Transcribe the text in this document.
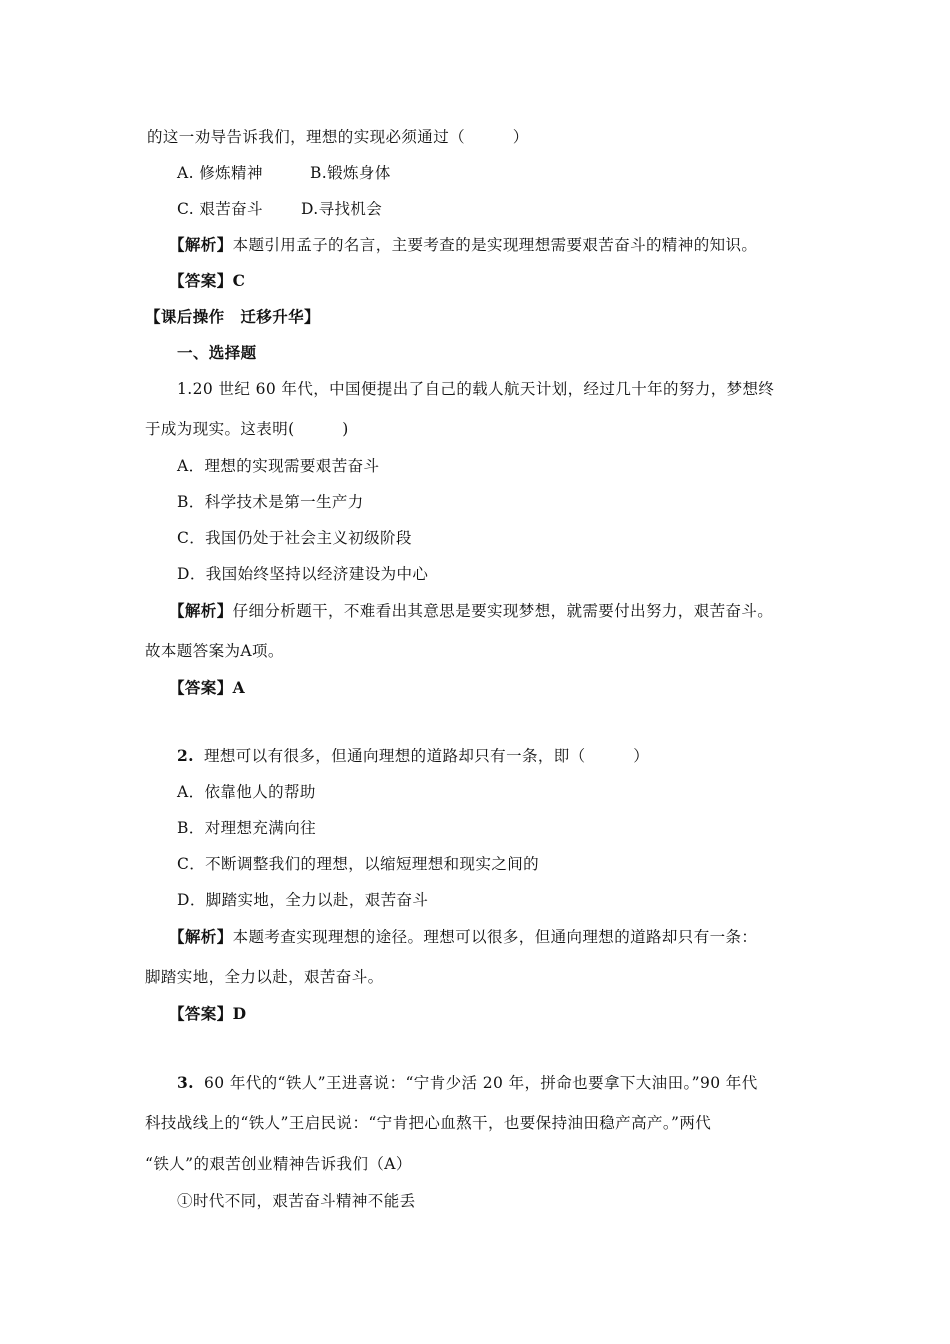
的这一劝导告诉我们，理想的实现必须通过（　　　）
A. 修炼精神	B.锻炼身体
C. 艰苦奋斗 D.寻找机会
【解析】本题引用孟子的名言，主要考查的是实现理想需要艰苦奋斗的精神的知识。
【答案】C
【课后操作　迁移升华】
一、选择题
1.20 世纪 60 年代，中国便提出了自己的载人航天计划，经过几十年的努力，梦想终
于成为现实。这表明(　　　)
A．理想的实现需要艰苦奋斗
B．科学技术是第一生产力
C．我国仍处于社会主义初级阶段
D．我国始终坚持以经济建设为中心
【解析】仔细分析题干，不难看出其意思是要实现梦想，就需要付出努力，艰苦奋斗。
故本题答案为A项。
【答案】A
2. 理想可以有很多，但通向理想的道路却只有一条，即（　　　）
A．依靠他人的帮助
B．对理想充满向往
C．不断调整我们的理想，以缩短理想和现实之间的
D．脚踏实地，全力以赴，艰苦奋斗
【解析】本题考查实现理想的途径。理想可以很多，但通向理想的道路却只有一条：
脚踏实地，全力以赴，艰苦奋斗。
【答案】D
3. 60 年代的“铁人”王进喜说：“宁肯少活 20 年，拼命也要拿下大油田。”90 年代
科技战线上的“铁人”王启民说：“宁肯把心血熬干，也要保持油田稳产高产。”两代
“铁人”的艰苦创业精神告诉我们（A）
①时代不同，艰苦奋斗精神不能丢
